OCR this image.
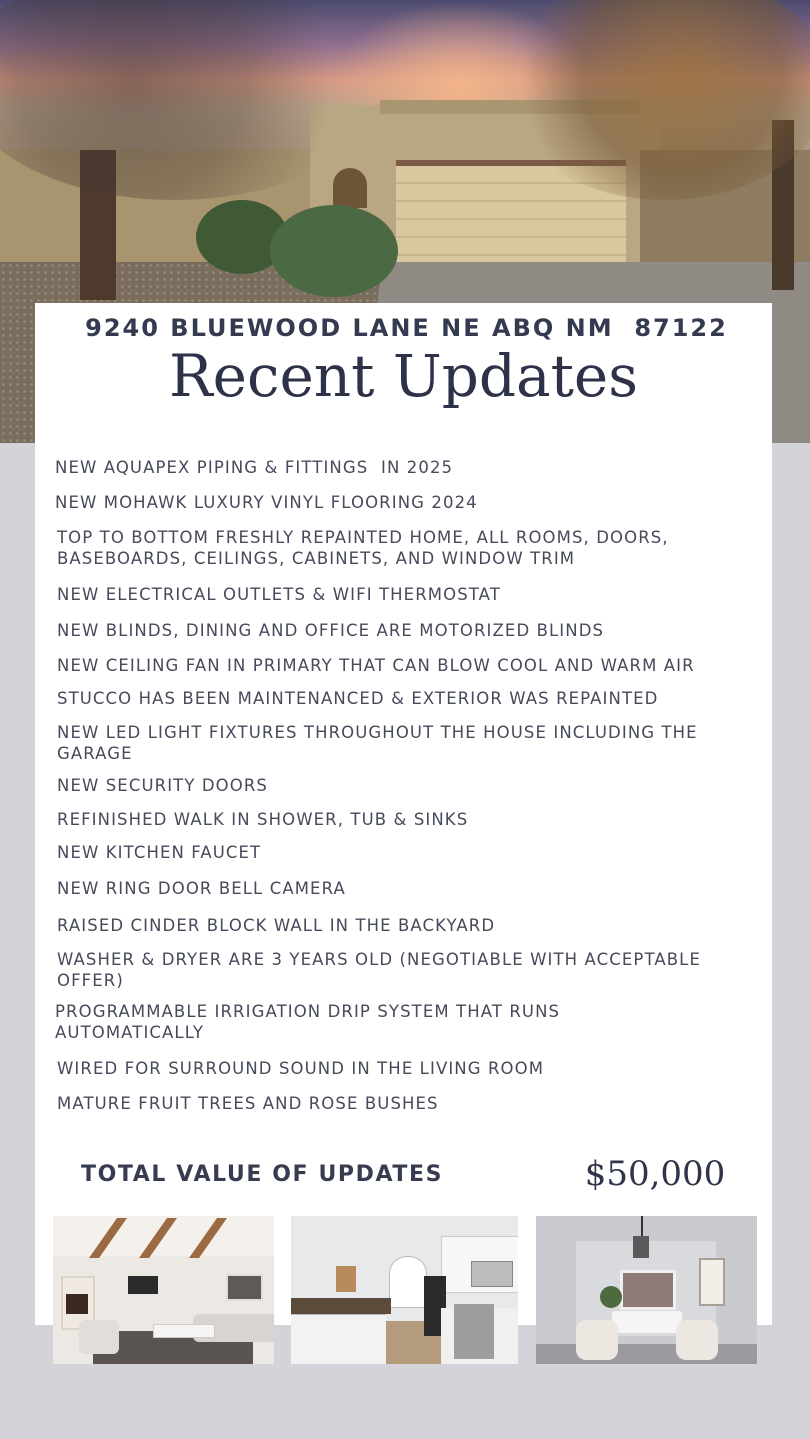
9240 BLUEWOOD LANE NE ABQ NM  87122
Recent Updates
NEW AQUAPEX PIPING & FITTINGS  IN 2025
NEW MOHAWK LUXURY VINYL FLOORING 2024
TOP TO BOTTOM FRESHLY REPAINTED HOME, ALL ROOMS, DOORS,
BASEBOARDS, CEILINGS, CABINETS, AND WINDOW TRIM
NEW ELECTRICAL OUTLETS & WIFI THERMOSTAT
NEW BLINDS, DINING AND OFFICE ARE MOTORIZED BLINDS
NEW CEILING FAN IN PRIMARY THAT CAN BLOW COOL AND WARM AIR
STUCCO HAS BEEN MAINTENANCED & EXTERIOR WAS REPAINTED
NEW LED LIGHT FIXTURES THROUGHOUT THE HOUSE INCLUDING THE
GARAGE
NEW SECURITY DOORS
REFINISHED WALK IN SHOWER, TUB & SINKS
NEW KITCHEN FAUCET
NEW RING DOOR BELL CAMERA
RAISED CINDER BLOCK WALL IN THE BACKYARD
WASHER & DRYER ARE 3 YEARS OLD (NEGOTIABLE WITH ACCEPTABLE
OFFER)
PROGRAMMABLE IRRIGATION DRIP SYSTEM THAT RUNS
AUTOMATICALLY
WIRED FOR SURROUND SOUND IN THE LIVING ROOM
MATURE FRUIT TREES AND ROSE BUSHES
TOTAL VALUE OF UPDATES	$50,000
